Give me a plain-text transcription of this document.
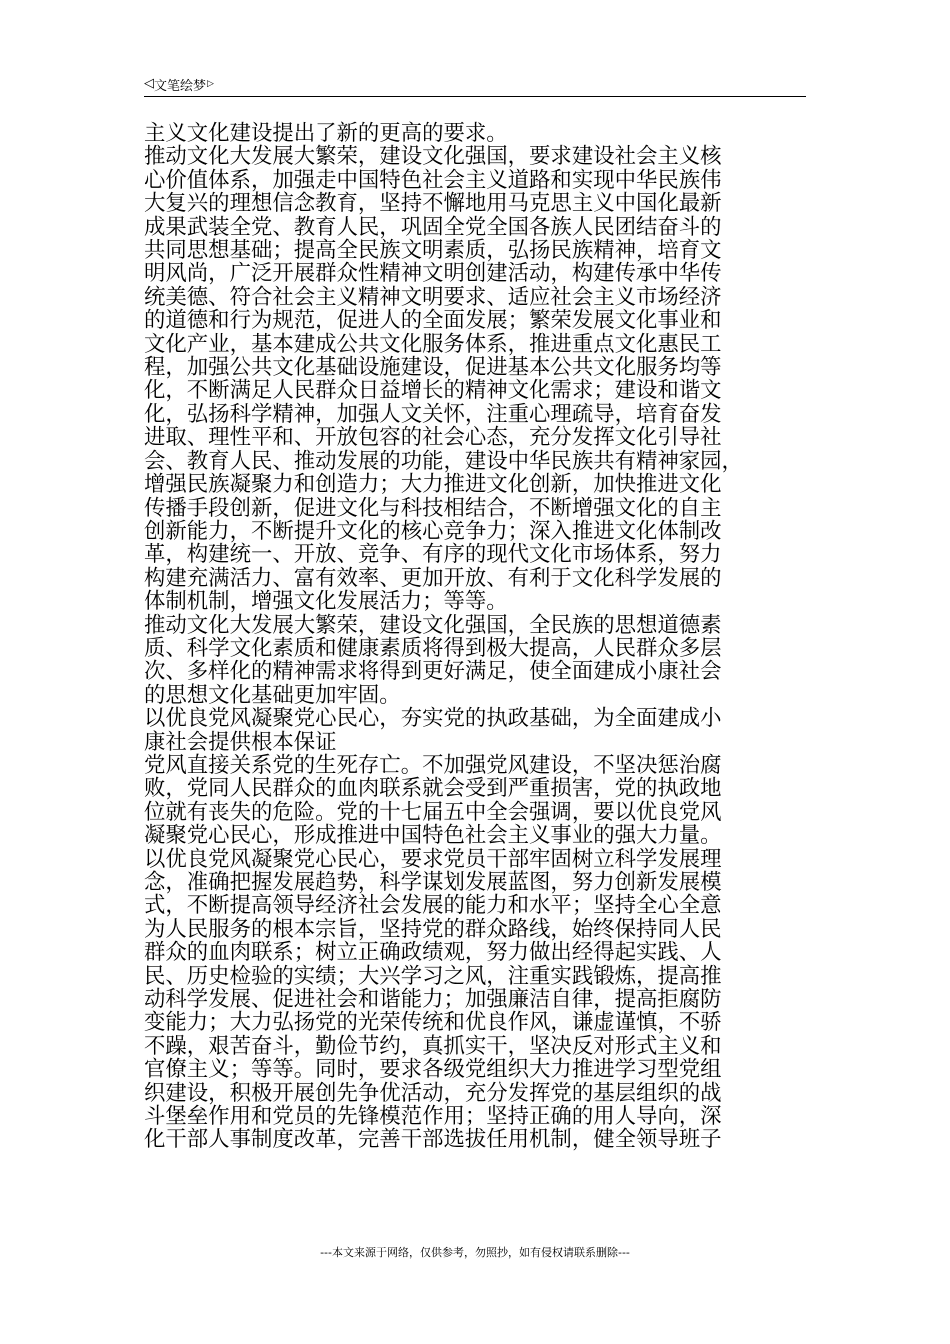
◁文笔绘梦▷

主义文化建设提出了新的更高的要求。

推动文化大发展大繁荣，建设文化强国，要求建设社会主义核

心价值体系，加强走中国特色社会主义道路和实现中华民族伟

大复兴的理想信念教育，坚持不懈地用马克思主义中国化最新

成果武装全党、教育人民，巩固全党全国各族人民团结奋斗的

共同思想基础；提高全民族文明素质，弘扬民族精神，培育文

明风尚，广泛开展群众性精神文明创建活动，构建传承中华传

统美德、符合社会主义精神文明要求、适应社会主义市场经济

的道德和行为规范，促进人的全面发展；繁荣发展文化事业和

文化产业，基本建成公共文化服务体系，推进重点文化惠民工

程，加强公共文化基础设施建设，促进基本公共文化服务均等

化，不断满足人民群众日益增长的精神文化需求；建设和谐文

化，弘扬科学精神，加强人文关怀，注重心理疏导，培育奋发

进取、理性平和、开放包容的社会心态，充分发挥文化引导社

会、教育人民、推动发展的功能，建设中华民族共有精神家园，

增强民族凝聚力和创造力；大力推进文化创新，加快推进文化

传播手段创新，促进文化与科技相结合，不断增强文化的自主

创新能力，不断提升文化的核心竞争力；深入推进文化体制改

革，构建统一、开放、竞争、有序的现代文化市场体系，努力

构建充满活力、富有效率、更加开放、有利于文化科学发展的

体制机制，增强文化发展活力；等等。

推动文化大发展大繁荣，建设文化强国，全民族的思想道德素

质、科学文化素质和健康素质将得到极大提高，人民群众多层

次、多样化的精神需求将得到更好满足，使全面建成小康社会

的思想文化基础更加牢固。

以优良党风凝聚党心民心，夯实党的执政基础，为全面建成小

康社会提供根本保证

党风直接关系党的生死存亡。不加强党风建设，不坚决惩治腐

败，党同人民群众的血肉联系就会受到严重损害，党的执政地

位就有丧失的危险。党的十七届五中全会强调，要以优良党风

凝聚党心民心，形成推进中国特色社会主义事业的强大力量。

以优良党风凝聚党心民心，要求党员干部牢固树立科学发展理

念，准确把握发展趋势，科学谋划发展蓝图，努力创新发展模

式，不断提高领导经济社会发展的能力和水平；坚持全心全意

为人民服务的根本宗旨，坚持党的群众路线，始终保持同人民

群众的血肉联系；树立正确政绩观，努力做出经得起实践、人

民、历史检验的实绩；大兴学习之风，注重实践锻炼，提高推

动科学发展、促进社会和谐能力；加强廉洁自律，提高拒腐防

变能力；大力弘扬党的光荣传统和优良作风，谦虚谨慎，不骄

不躁，艰苦奋斗，勤俭节约，真抓实干，坚决反对形式主义和

官僚主义；等等。同时，要求各级党组织大力推进学习型党组

织建设，积极开展创先争优活动，充分发挥党的基层组织的战

斗堡垒作用和党员的先锋模范作用；坚持正确的用人导向，深

化干部人事制度改革，完善干部选拔任用机制，健全领导班子

---本文来源于网络，仅供参考，勿照抄，如有侵权请联系删除---
